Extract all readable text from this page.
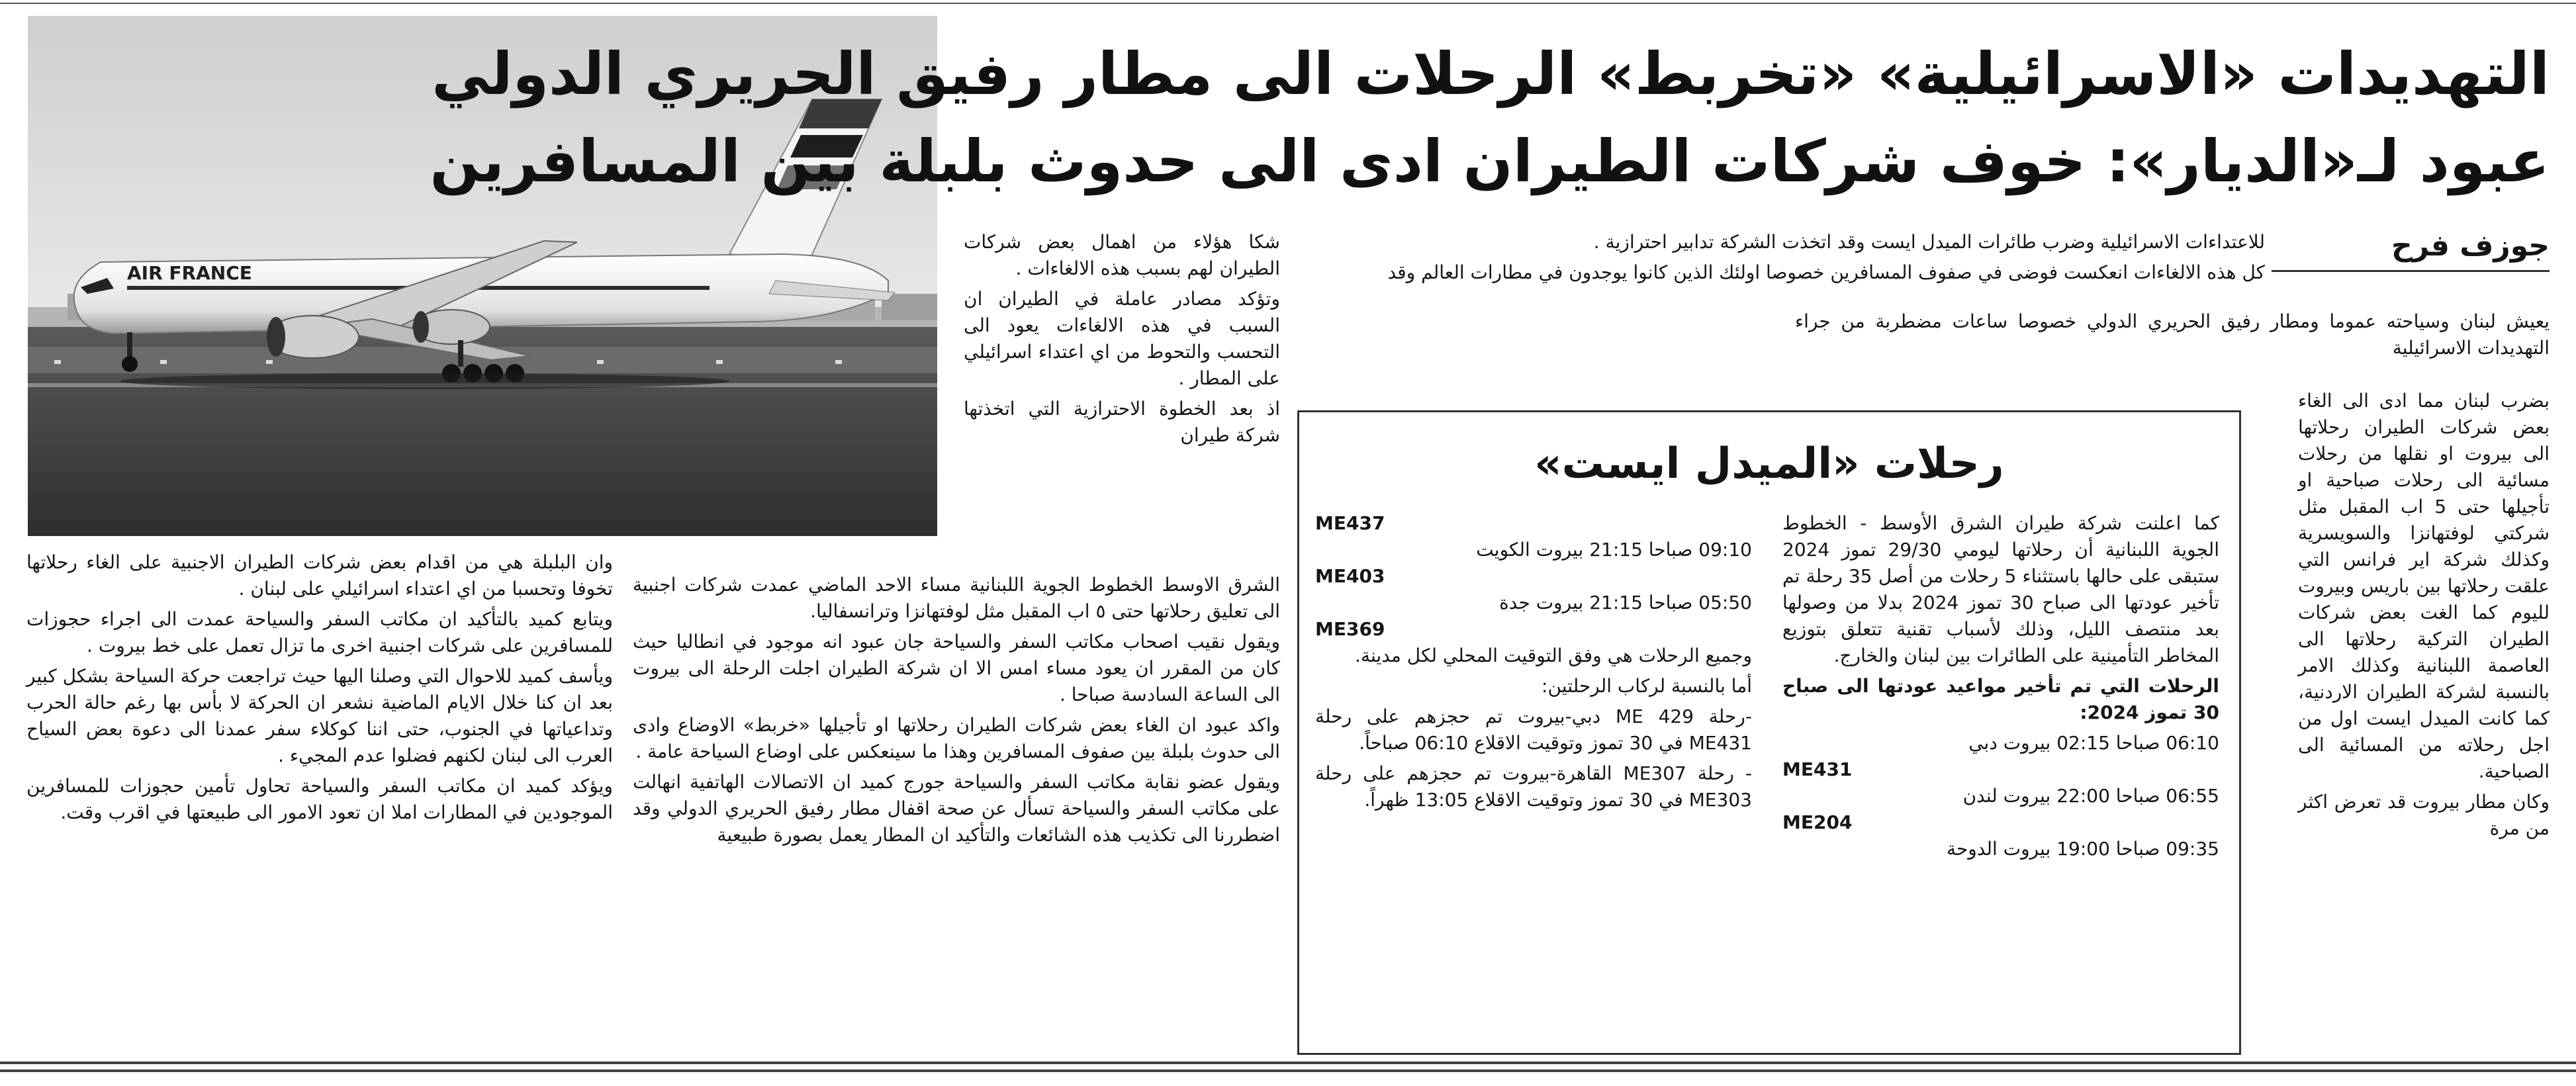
AIR FRANCE
التهديدات «الاسرائيلية» «تخربط» الرحلات الى مطار رفيق الحريري الدولي
عبود لـ«الديار»: خوف شركات الطيران ادى الى حدوث بلبلة بين المسافرين
جوزف فرح

يعيش لبنان وسياحته عموما ومطار رفيق الحريري الدولي خصوصا ساعات مضطربة من جراء التهديدات الاسرائيلية

بضرب لبنان مما ادى الى الغاء بعض شركات الطيران رحلاتها الى بيروت او نقلها من رحلات مسائية الى رحلات صباحية او تأجيلها حتى 5 اب المقبل مثل شركتي لوفتهانزا والسويسرية وكذلك شركة اير فرانس التي علقت رحلاتها بين باريس وبيروت لليوم كما الغت بعض شركات الطيران التركية رحلاتها الى العاصمة اللبنانية وكذلك الامر بالنسبة لشركة الطيران الاردنية، كما كانت الميدل ايست اول من اجل رحلاته من المسائية الى الصباحية.

وكان مطار بيروت قد تعرض اكثر من مرة

للاعتداءات الاسرائيلية وضرب طائرات الميدل ايست وقد اتخذت الشركة تدابير احترازية .

كل هذه الالغاءات انعكست فوضى في صفوف المسافرين خصوصا اولئك الذين كانوا يوجدون في مطارات العالم وقد

رحلات «الميدل ايست»

كما اعلنت شركة طيران الشرق الأوسط - الخطوط الجوية اللبنانية أن رحلاتها ليومي 29/30 تموز 2024 ستبقى على حالها باستثناء 5 رحلات من أصل 35 رحلة تم تأخير عودتها الى صباح 30 تموز 2024 بدلا من وصولها بعد منتصف الليل، وذلك لأسباب تقنية تتعلق بتوزيع المخاطر التأمينية على الطائرات بين لبنان والخارج.

الرحلات التي تم تأخير مواعيد عودتها الى صباح 30 تموز 2024:

06:10 صباحا 02:15 بيروت دبي
ME431
06:55 صباحا 22:00 بيروت لندن
ME204
09:35 صباحا 19:00 بيروت الدوحة
ME437
09:10 صباحا 21:15 بيروت الكويت
ME403
05:50 صباحا 21:15 بيروت جدة
ME369

وجميع الرحلات هي وفق التوقيت المحلي لكل مدينة.

أما بالنسبة لركاب الرحلتين:

-رحلة 429 ME دبي-بيروت تم حجزهم على رحلة ME431 في 30 تموز وتوقيت الاقلاع 06:10 صباحاً.

- رحلة ME307 القاهرة-بيروت تم حجزهم على رحلة ME303 في 30 تموز وتوقيت الاقلاع 13:05 ظهراً.

شكا هؤلاء من اهمال بعض شركات الطيران لهم بسبب هذه الالغاءات .

وتؤكد مصادر عاملة في الطيران ان السبب في هذه الالغاءات يعود الى التحسب والتحوط من اي اعتداء اسرائيلي على المطار .

اذ بعد الخطوة الاحترازية التي اتخذتها شركة طيران

الشرق الاوسط الخطوط الجوية اللبنانية مساء الاحد الماضي عمدت شركات اجنبية الى تعليق رحلاتها حتى ٥ اب المقبل مثل لوفتهانزا وترانسفاليا.

ويقول نقيب اصحاب مكاتب السفر والسياحة جان عبود انه موجود في انطاليا حيث كان من المقرر ان يعود مساء امس الا ان شركة الطيران اجلت الرحلة الى بيروت الى الساعة السادسة صباحا .

واكد عبود ان الغاء بعض شركات الطيران رحلاتها او تأجيلها «خربط» الاوضاع وادى الى حدوث بلبلة بين صفوف المسافرين وهذا ما سينعكس على اوضاع السياحة عامة .

ويقول عضو نقابة مكاتب السفر والسياحة جورج كميد ان الاتصالات الهاتفية انهالت على مكاتب السفر والسياحة تسأل عن صحة اقفال مطار رفيق الحريري الدولي وقد اضطررنا الى تكذيب هذه الشائعات والتأكيد ان المطار يعمل بصورة طبيعية

وان البلبلة هي من اقدام بعض شركات الطيران الاجنبية على الغاء رحلاتها تخوفا وتحسبا من اي اعتداء اسرائيلي على لبنان .

ويتابع كميد بالتأكيد ان مكاتب السفر والسياحة عمدت الى اجراء حجوزات للمسافرين على شركات اجنبية اخرى ما تزال تعمل على خط بيروت .

ويأسف كميد للاحوال التي وصلنا اليها حيث تراجعت حركة السياحة بشكل كبير بعد ان كنا خلال الايام الماضية نشعر ان الحركة لا بأس بها رغم حالة الحرب وتداعياتها في الجنوب، حتى اننا كوكلاء سفر عمدنا الى دعوة بعض السياح العرب الى لبنان لكنهم فضلوا عدم المجيء .

ويؤكد كميد ان مكاتب السفر والسياحة تحاول تأمين حجوزات للمسافرين الموجودين في المطارات املا ان تعود الامور الى طبيعتها في اقرب وقت.
